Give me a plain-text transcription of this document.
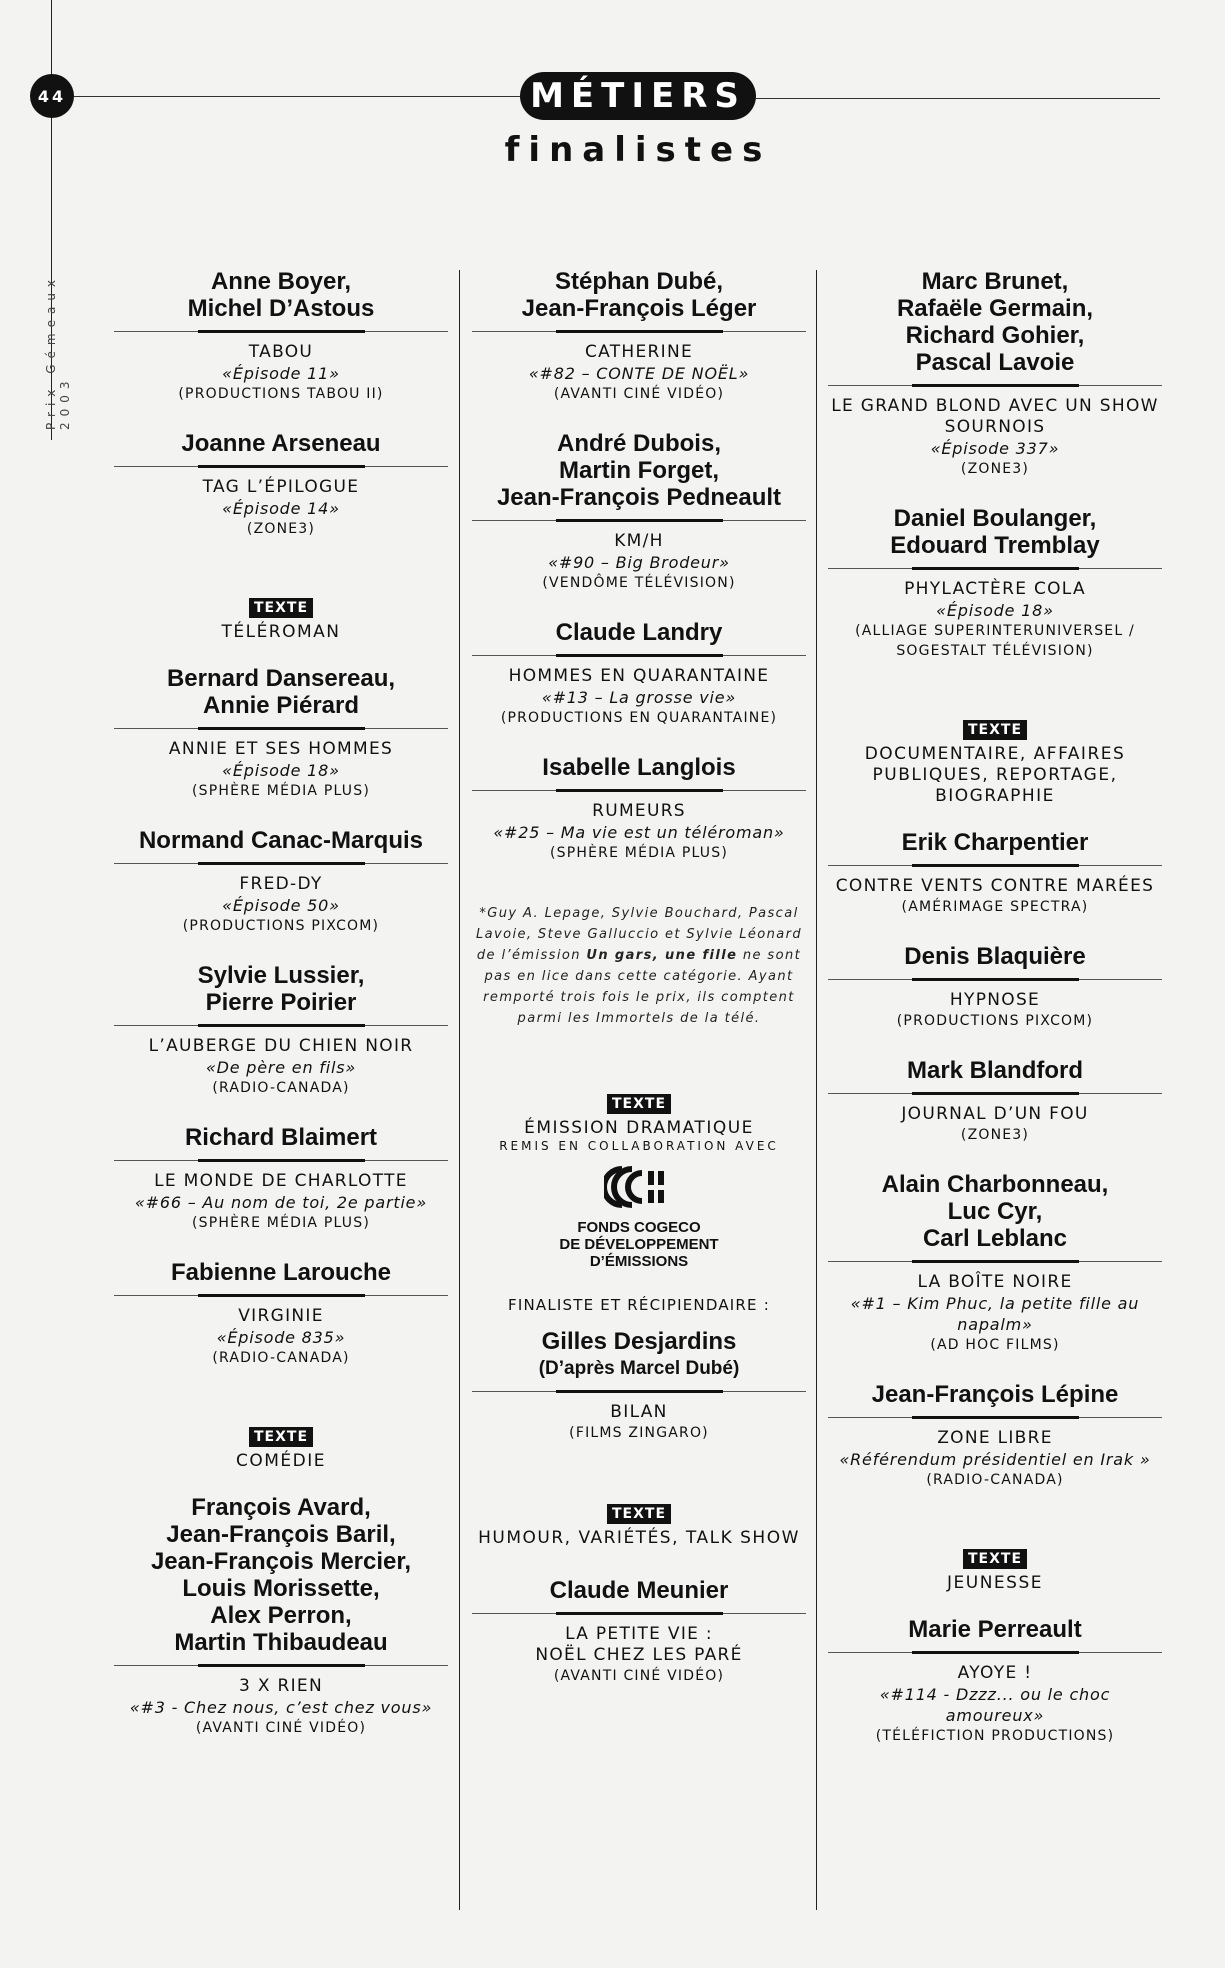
44
Prix Gémeaux 2003
MÉTIERS
finalistes
Anne Boyer,
Michel D’Astous
TABOU
«Épisode 11»
(PRODUCTIONS TABOU II)
Joanne Arseneau
TAG L’ÉPILOGUE
«Épisode 14»
(ZONE3)
TEXTE
TÉLÉROMAN
Bernard Dansereau,
Annie Piérard
ANNIE ET SES HOMMES
«Épisode 18»
(SPHÈRE MÉDIA PLUS)
Normand Canac-Marquis
FRED-DY
«Épisode 50»
(PRODUCTIONS PIXCOM)
Sylvie Lussier,
Pierre Poirier
L’AUBERGE DU CHIEN NOIR
«De père en fils»
(RADIO-CANADA)
Richard Blaimert
LE MONDE DE CHARLOTTE
«#66 – Au nom de toi, 2e partie»
(SPHÈRE MÉDIA PLUS)
Fabienne Larouche
VIRGINIE
«Épisode 835»
(RADIO-CANADA)
TEXTE
COMÉDIE
François Avard,
Jean-François Baril,
Jean-François Mercier,
Louis Morissette,
Alex Perron,
Martin Thibaudeau
3 X RIEN
«#3 - Chez nous, c’est chez vous»
(AVANTI CINÉ VIDÉO)
Stéphan Dubé,
Jean-François Léger
CATHERINE
«#82 – CONTE DE NOËL»
(AVANTI CINÉ VIDÉO)
André Dubois,
Martin Forget,
Jean-François Pedneault
KM/H
«#90 – Big Brodeur»
(VENDÔME TÉLÉVISION)
Claude Landry
HOMMES EN QUARANTAINE
«#13 – La grosse vie»
(PRODUCTIONS EN QUARANTAINE)
Isabelle Langlois
RUMEURS
«#25 – Ma vie est un téléroman»
(SPHÈRE MÉDIA PLUS)
*Guy A. Lepage, Sylvie Bouchard, Pascal Lavoie, Steve Galluccio et Sylvie Léonard de l’émission Un gars, une fille ne sont pas en lice dans cette catégorie. Ayant remporté trois fois le prix, ils comptent parmi les Immortels de la télé.
TEXTE
ÉMISSION DRAMATIQUE
REMIS EN COLLABORATION AVEC
FONDS COGECO
DE DÉVELOPPEMENT
D’ÉMISSIONS
FINALISTE ET RÉCIPIENDAIRE :
Gilles Desjardins
(D’après Marcel Dubé)
BILAN
(FILMS ZINGARO)
TEXTE
HUMOUR, VARIÉTÉS, TALK SHOW
Claude Meunier
LA PETITE VIE :
NOËL CHEZ LES PARÉ
(AVANTI CINÉ VIDÉO)
Marc Brunet,
Rafaële Germain,
Richard Gohier,
Pascal Lavoie
LE GRAND BLOND AVEC UN SHOW SOURNOIS
«Épisode 337»
(ZONE3)
Daniel Boulanger,
Edouard Tremblay
PHYLACTÈRE COLA
«Épisode 18»
(ALLIAGE SUPERINTERUNIVERSEL / SOGESTALT TÉLÉVISION)
TEXTE
DOCUMENTAIRE, AFFAIRES PUBLIQUES, REPORTAGE, BIOGRAPHIE
Erik Charpentier
CONTRE VENTS CONTRE MARÉES
(AMÉRIMAGE SPECTRA)
Denis Blaquière
HYPNOSE
(PRODUCTIONS PIXCOM)
Mark Blandford
JOURNAL D’UN FOU
(ZONE3)
Alain Charbonneau,
Luc Cyr,
Carl Leblanc
LA BOÎTE NOIRE
«#1 – Kim Phuc, la petite fille au napalm»
(AD HOC FILMS)
Jean-François Lépine
ZONE LIBRE
«Référendum présidentiel en Irak »
(RADIO-CANADA)
TEXTE
JEUNESSE
Marie Perreault
AYOYE !
«#114 - Dzzz... ou le choc amoureux»
(TÉLÉFICTION PRODUCTIONS)
